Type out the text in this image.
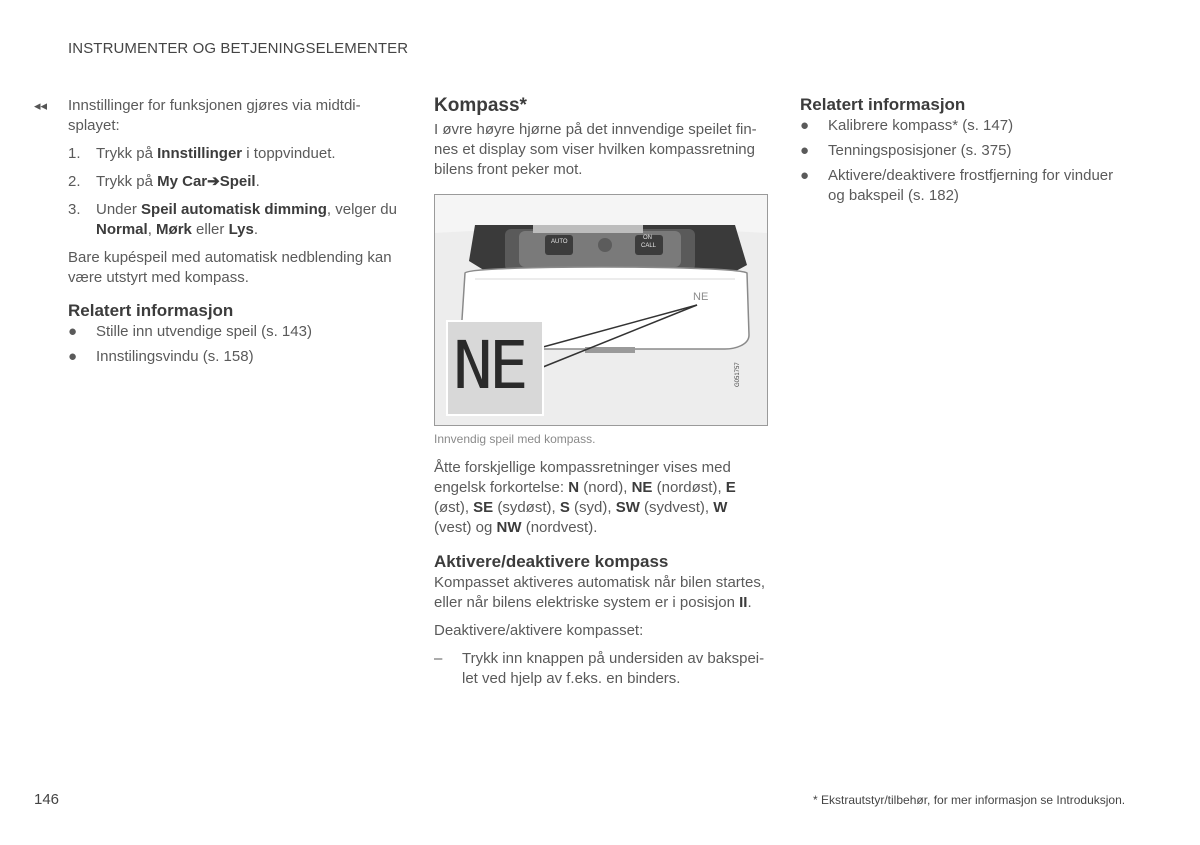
INSTRUMENTER OG BETJENINGSELEMENTER
◂◂ Innstillinger for funksjonen gjøres via midtdi-splayet:

1. Trykk på Innstillinger i toppvinduet.
2. Trykk på My Car➔Speil.
3. Under Speil automatisk dimming, velger du Normal, Mørk eller Lys.

Bare kupéspeil med automatisk nedblending kan være utstyrt med kompass.

Relatert informasjon
● Stille inn utvendige speil (s. 143)
● Innstilingsvindu (s. 158)
Kompass*

I øvre høyre hjørne på det innvendige speilet fin-nes et display som viser hvilken kompassretning bilens front peker mot.

AUTO
ON
CALL
NE
NE	G051757

Innvendig speil med kompass.

Åtte forskjellige kompassretninger vises med engelsk forkortelse: N (nord), NE (nordøst), E (øst), SE (sydøst), S (syd), SW (sydvest), W (vest) og NW (nordvest).

Aktivere/deaktivere kompass

Kompasset aktiveres automatisk når bilen startes, eller når bilens elektriske system er i posisjon II.

Deaktivere/aktivere kompasset:

– Trykk inn knappen på undersiden av bakspei-let ved hjelp av f.eks. en binders.
Relatert informasjon
● Kalibrere kompass* (s. 147)
● Tenningsposisjoner (s. 375)
● Aktivere/deaktivere frostfjerning for vinduer og bakspeil (s. 182)
146	* Ekstrautstyr/tilbehør, for mer informasjon se Introduksjon.
